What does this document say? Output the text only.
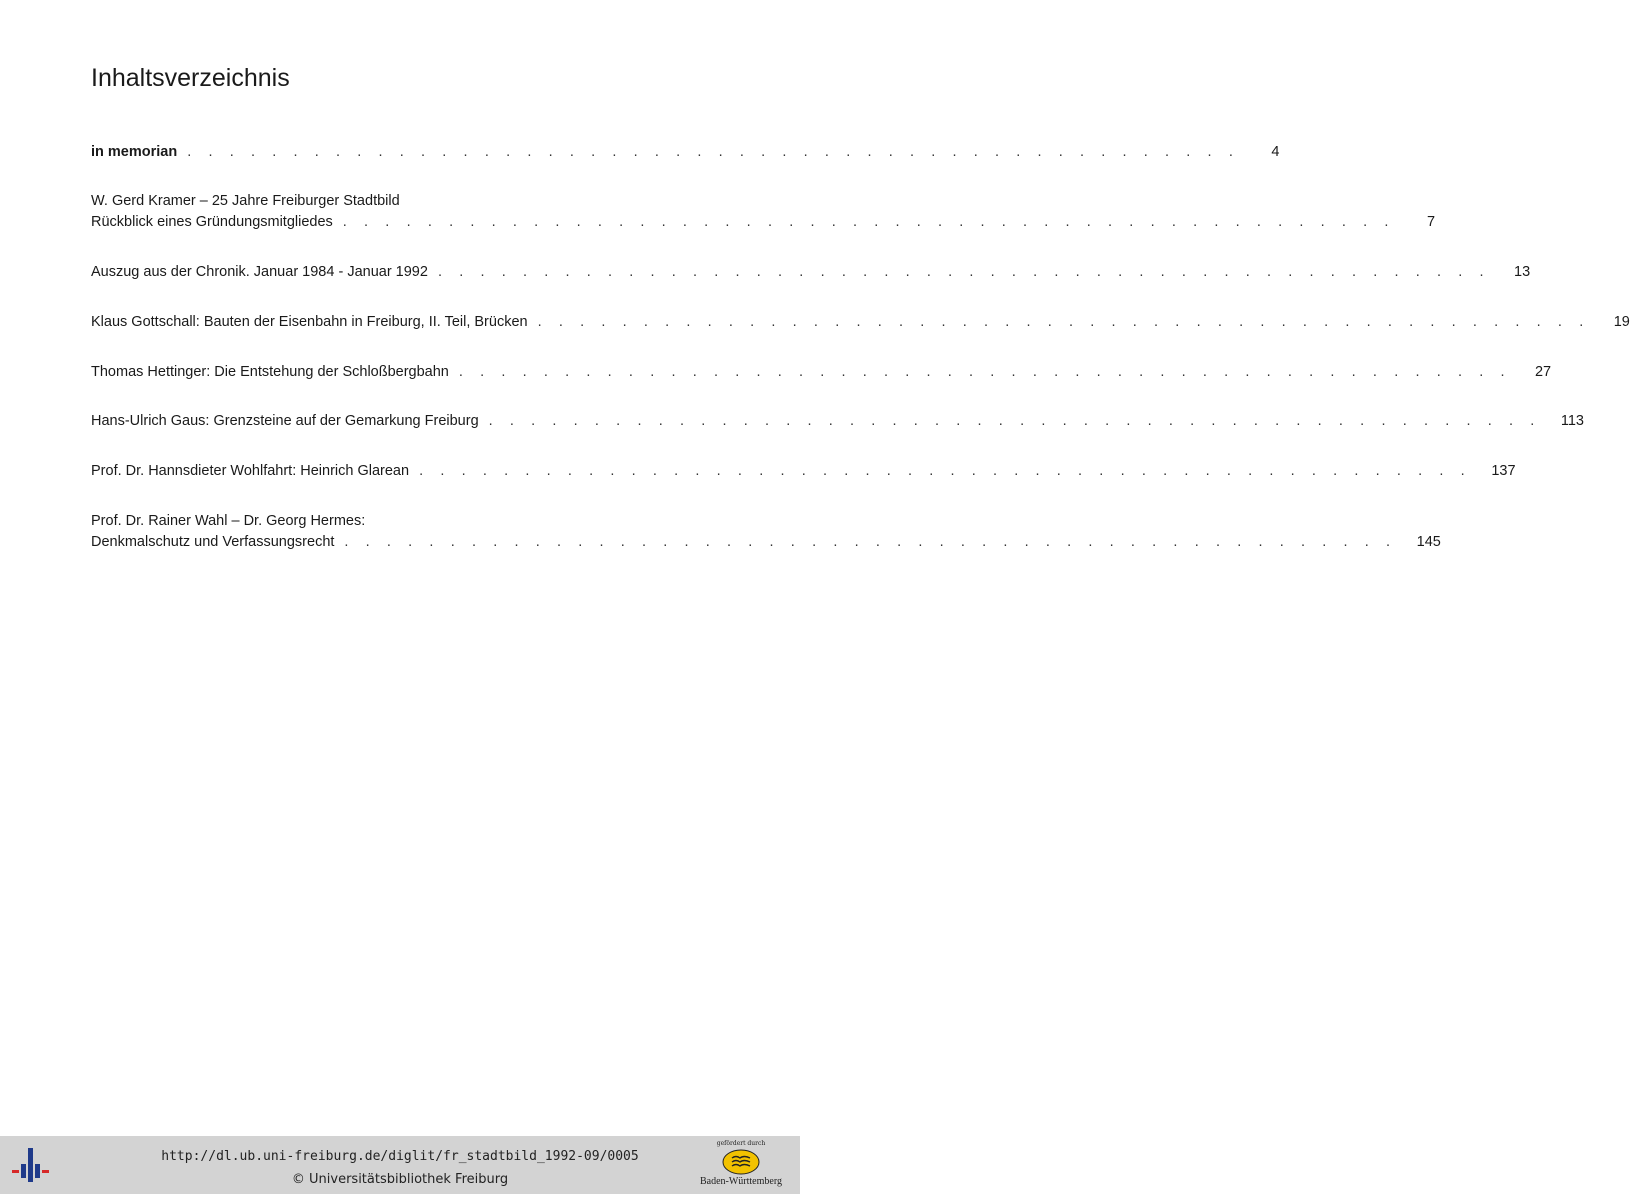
Inhaltsverzeichnis
in memorian . . . . . . . . . . . . . . . . . . . . . . . . . . . . . . . . . . . . . . . . . . . . . . . . . .	4
W. Gerd Kramer – 25 Jahre Freiburger Stadtbild
Rückblick eines Gründungsmitgliedes . . . . . . . . . . . . . . . . . . . . . . . . . . . . . . . . . . . . . . . . . . . . . . . . . .	7
Auszug aus der Chronik. Januar 1984 - Januar 1992 . . . . . . . . . . . . . . . . . . . . . . . . . . . . . . . . . . . . . . . . . . . . . . . . . . 13
Klaus Gottschall: Bauten der Eisenbahn in Freiburg, II. Teil, Brücken . . . . . . . . . . . . . . . . . . . . . . . . . . . . . . . . . . . . . . . . . . . . . . . . . . 19
Thomas Hettinger: Die Entstehung der Schloßbergbahn . . . . . . . . . . . . . . . . . . . . . . . . . . . . . . . . . . . . . . . . . . . . . . . . . . 27
Hans-Ulrich Gaus: Grenzsteine auf der Gemarkung Freiburg . . . . . . . . . . . . . . . . . . . . . . . . . . . . . . . . . . . . . . . . . . . . . . . . . . 113
Prof. Dr. Hannsdieter Wohlfahrt: Heinrich Glarean . . . . . . . . . . . . . . . . . . . . . . . . . . . . . . . . . . . . . . . . . . . . . . . . . . 137
Prof. Dr. Rainer Wahl – Dr. Georg Hermes:
Denkmalschutz und Verfassungsrecht . . . . . . . . . . . . . . . . . . . . . . . . . . . . . . . . . . . . . . . . . . . . . . . . . . 145
http://dl.ub.uni-freiburg.de/diglit/fr_stadtbild_1992-09/0005
© Universitätsbibliothek Freiburg
gefördert durch
Baden-Württemberg
